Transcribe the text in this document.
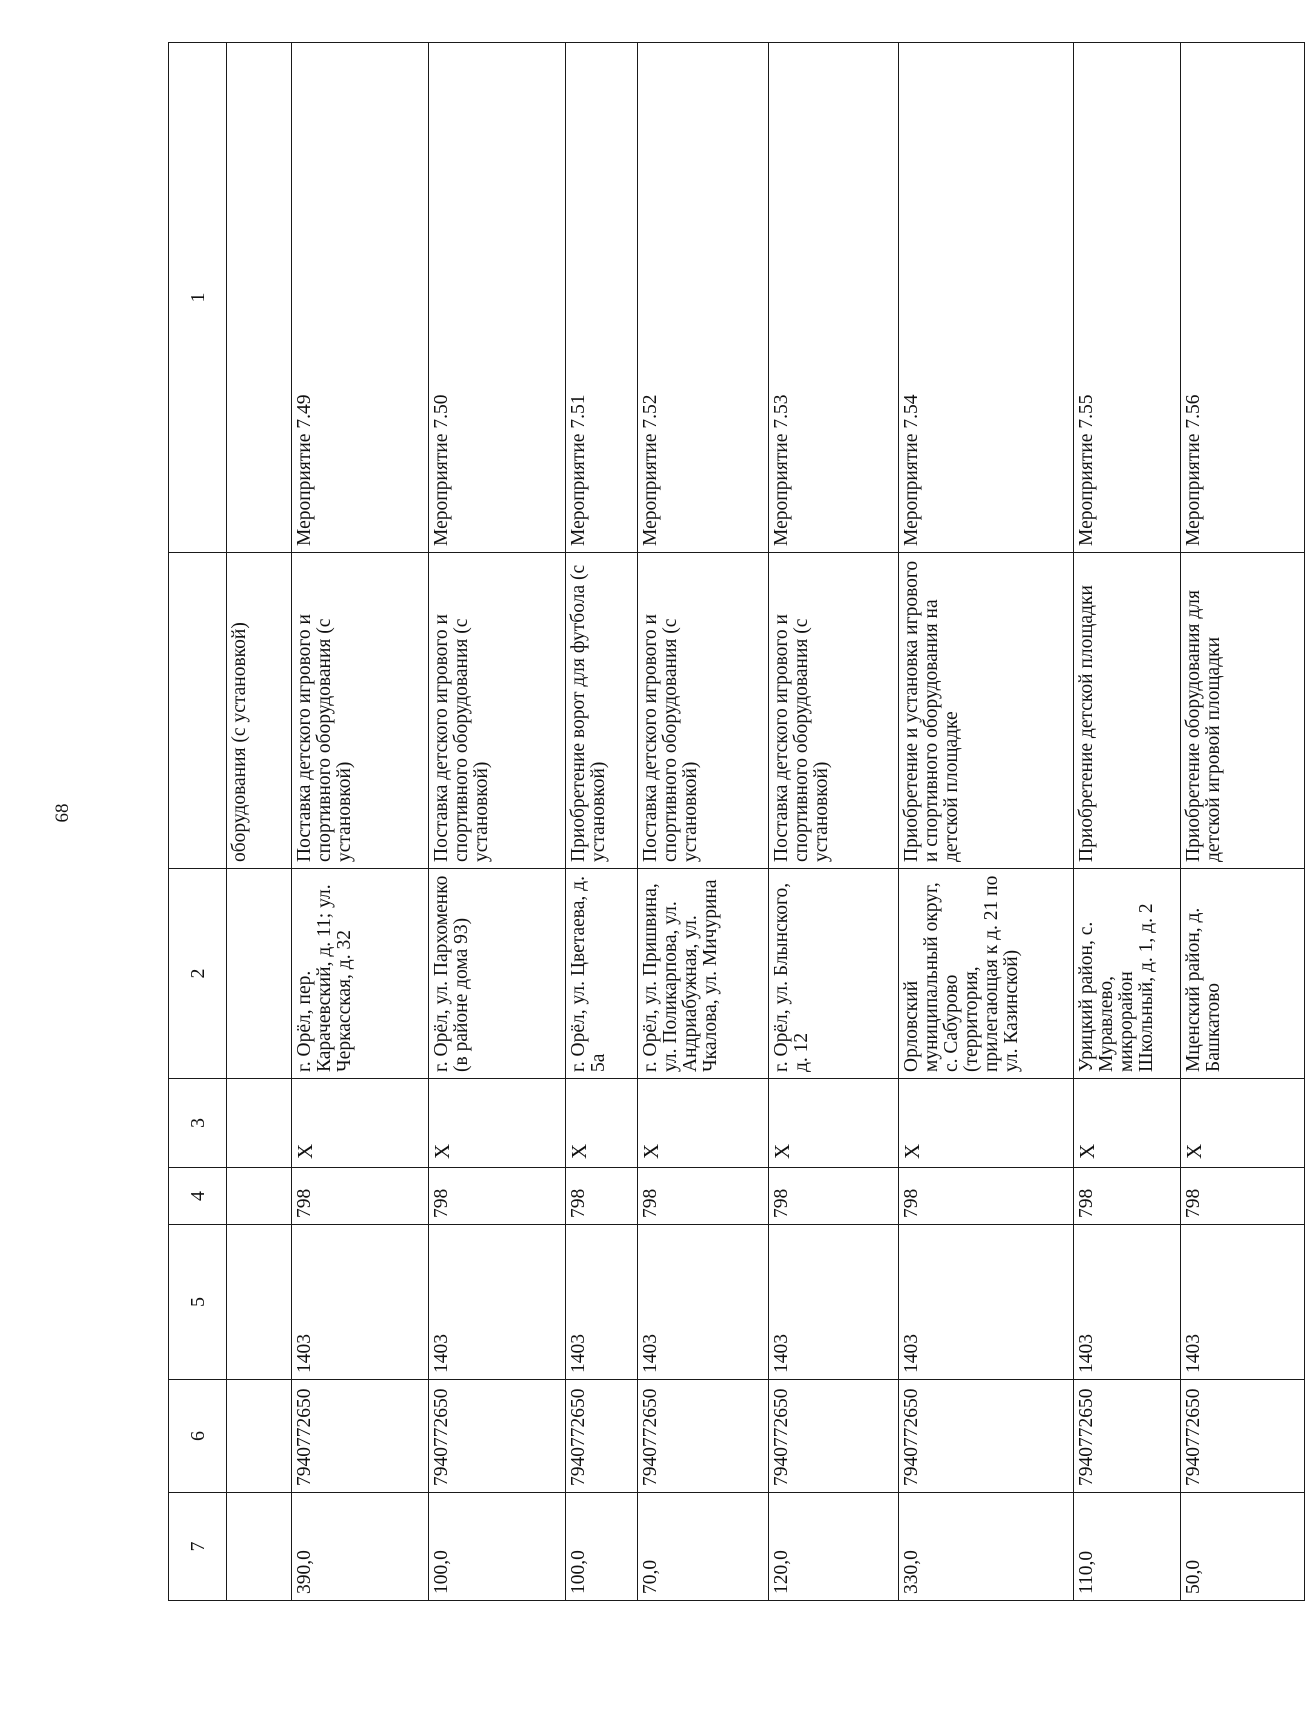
68
7	6	5	4	3	2		1
						оборудования (с установкой)	
390,0	7940772650	1403	798	X	г. Орёл, пер. Карачевский, д. 11; ул. Черкасская, д. 32	Поставка детского игрового и спортивного оборудования (с установкой)	Мероприятие 7.49
100,0	7940772650	1403	798	X	г. Орёл, ул. Пархоменко (в районе дома 93)	Поставка детского игрового и спортивного оборудования (с установкой)	Мероприятие 7.50
100,0	7940772650	1403	798	X	г. Орёл, ул. Цветаева, д. 5а	Приобретение ворот для футбола (с установкой)	Мероприятие 7.51
70,0	7940772650	1403	798	X	г. Орёл, ул. Пришвина, ул. Поликарпова, ул. Андриабужная, ул. Чкалова, ул. Мичурина	Поставка детского игрового и спортивного оборудования (с установкой)	Мероприятие 7.52
120,0	7940772650	1403	798	X	г. Орёл, ул. Блынского, д. 12	Поставка детского игрового и спортивного оборудования (с установкой)	Мероприятие 7.53
330,0	7940772650	1403	798	X	Орловский муниципальный округ, с. Сабурово (территория, прилегающая к д. 21 по ул. Казинской)	Приобретение и установка игрового и спортивного оборудования на детской площадке	Мероприятие 7.54
110,0	7940772650	1403	798	X	Урицкий район, с. Муравлево, микрорайон Школьный, д. 1, д. 2	Приобретение детской площадки	Мероприятие 7.55
50,0	7940772650	1403	798	X	Мценский район, д. Башкатово	Приобретение оборудования для детской игровой площадки	Мероприятие 7.56
